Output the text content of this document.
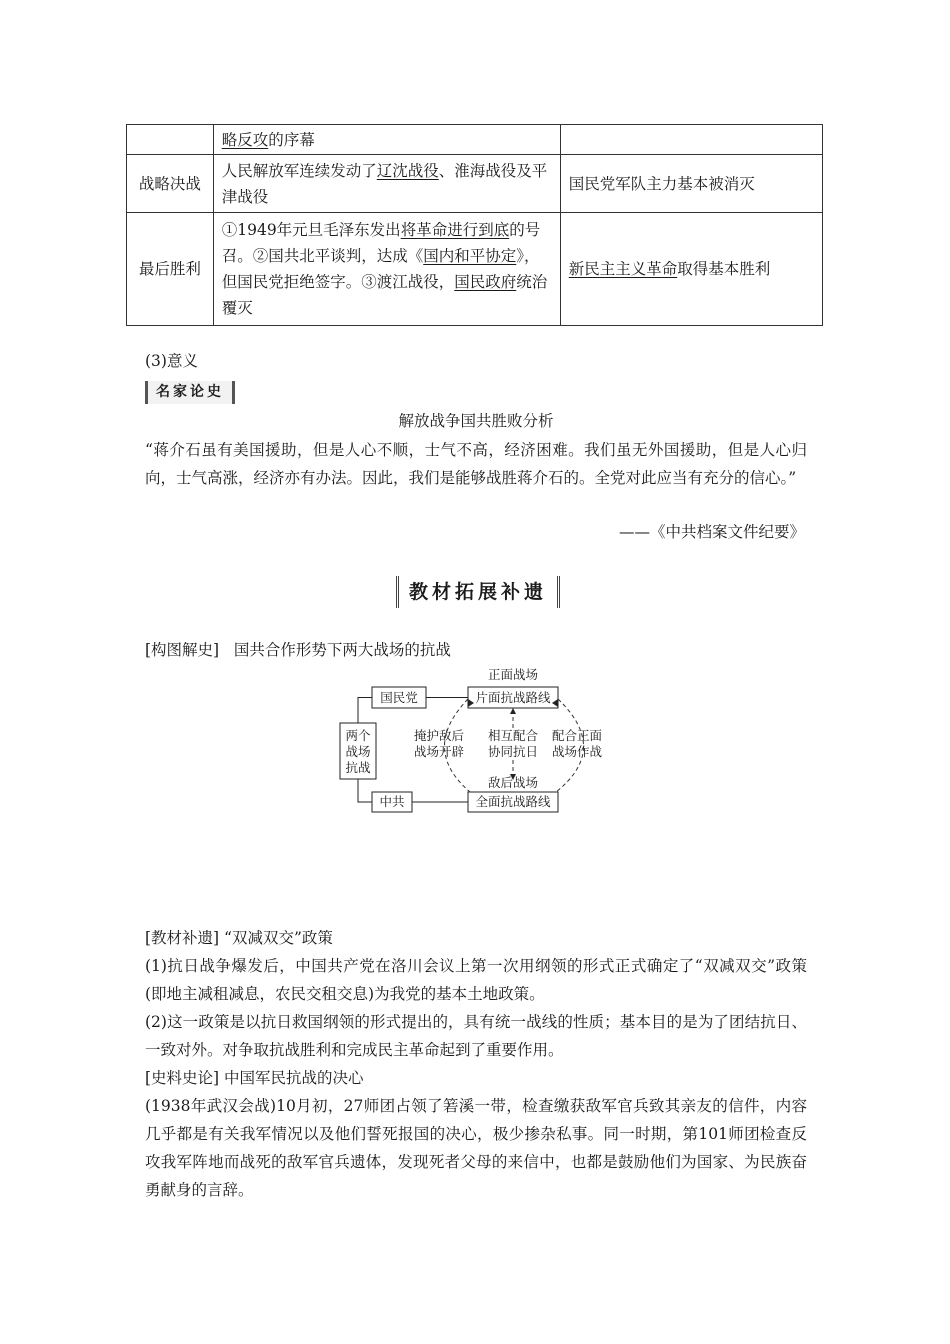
	略反攻的序幕	
战略决战	人民解放军连续发动了辽沈战役、淮海战役及平津战役	国民党军队主力基本被消灭
最后胜利	①1949年元旦毛泽东发出将革命进行到底的号召。②国共北平谈判，达成《国内和平协定》，但国民党拒绝签字。③渡江战役，国民政府统治覆灭	新民主主义革命取得基本胜利
(3)意义
名家论史
解放战争国共胜败分析
“蒋介石虽有美国援助，但是人心不顺，士气不高，经济困难。我们虽无外国援助，但是人心归向，士气高涨，经济亦有办法。因此，我们是能够战胜蒋介石的。全党对此应当有充分的信心。”
——《中共档案文件纪要》
教材拓展补遗
[构图解史] 国共合作形势下两大战场的抗战
正面战场
国民党	片面抗战路线
两个
战场
抗战
掩护敌后
战场开辟
相互配合
协同抗日
配合正面
战场作战
敌后战场
中共	全面抗战路线
[教材补遗] “双减双交”政策
(1)抗日战争爆发后，中国共产党在洛川会议上第一次用纲领的形式正式确定了“双减双交”政策(即地主减租减息，农民交租交息)为我党的基本土地政策。
(2)这一政策是以抗日救国纲领的形式提出的，具有统一战线的性质；基本目的是为了团结抗日、一致对外。对争取抗战胜利和完成民主革命起到了重要作用。
[史料史论] 中国军民抗战的决心
(1938年武汉会战)10月初，27师团占领了箬溪一带，检查缴获敌军官兵致其亲友的信件，内容几乎都是有关我军情况以及他们誓死报国的决心，极少掺杂私事。同一时期，第101师团检查反攻我军阵地而战死的敌军官兵遗体，发现死者父母的来信中，也都是鼓励他们为国家、为民族奋勇献身的言辞。
